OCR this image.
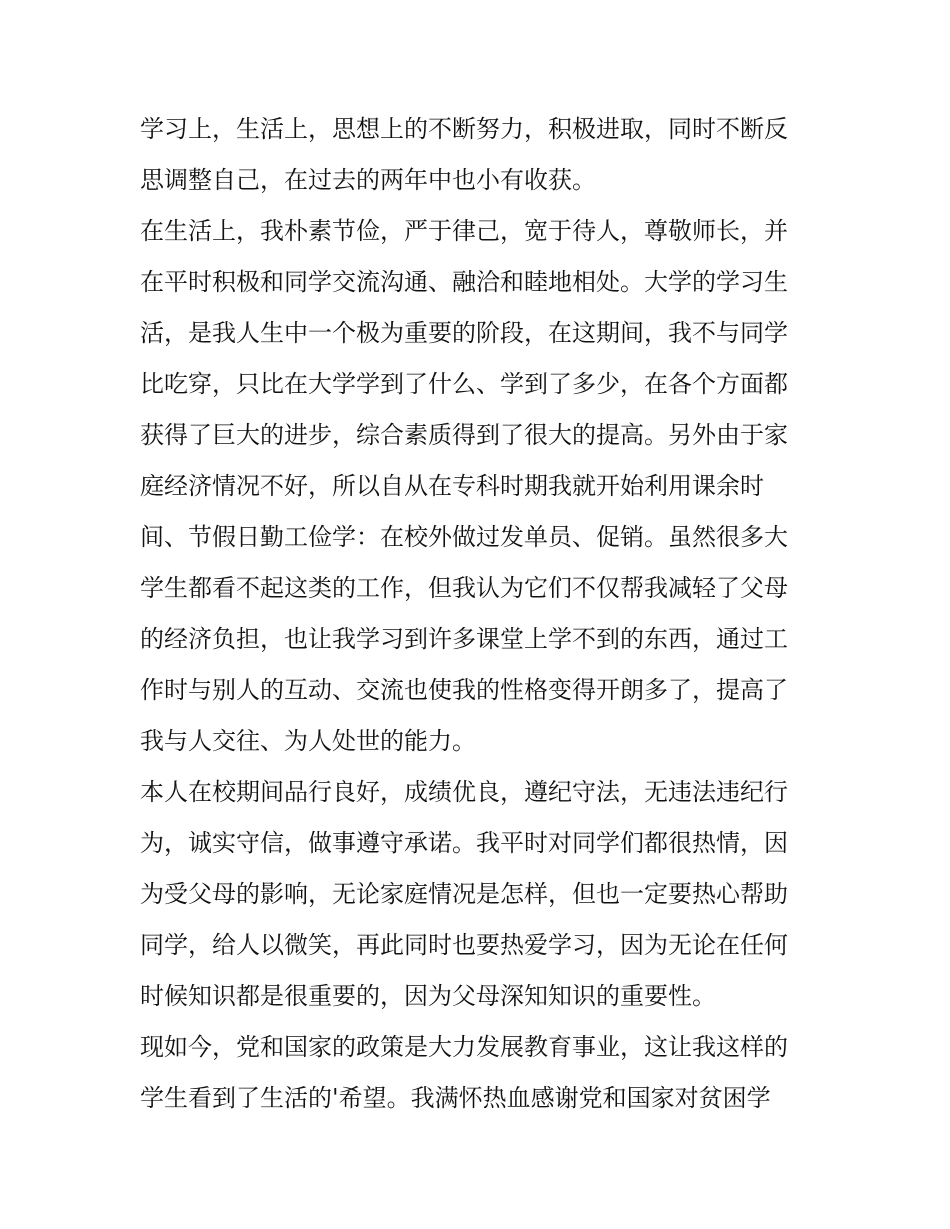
学习上，生活上，思想上的不断努力，积极进取，同时不断反
思调整自己，在过去的两年中也小有收获。
在生活上，我朴素节俭，严于律己，宽于待人，尊敬师长，并
在平时积极和同学交流沟通、融洽和睦地相处。大学的学习生
活，是我人生中一个极为重要的阶段，在这期间，我不与同学
比吃穿，只比在大学学到了什么、学到了多少，在各个方面都
获得了巨大的进步，综合素质得到了很大的提高。另外由于家
庭经济情况不好，所以自从在专科时期我就开始利用课余时
间、节假日勤工俭学：在校外做过发单员、促销。虽然很多大
学生都看不起这类的工作，但我认为它们不仅帮我减轻了父母
的经济负担，也让我学习到许多课堂上学不到的东西，通过工
作时与别人的互动、交流也使我的性格变得开朗多了，提高了
我与人交往、为人处世的能力。
本人在校期间品行良好，成绩优良，遵纪守法，无违法违纪行
为，诚实守信，做事遵守承诺。我平时对同学们都很热情，因
为受父母的影响，无论家庭情况是怎样，但也一定要热心帮助
同学，给人以微笑，再此同时也要热爱学习，因为无论在任何
时候知识都是很重要的，因为父母深知知识的重要性。
现如今，党和国家的政策是大力发展教育事业，这让我这样的
学生看到了生活的'希望。我满怀热血感谢党和国家对贫困学
